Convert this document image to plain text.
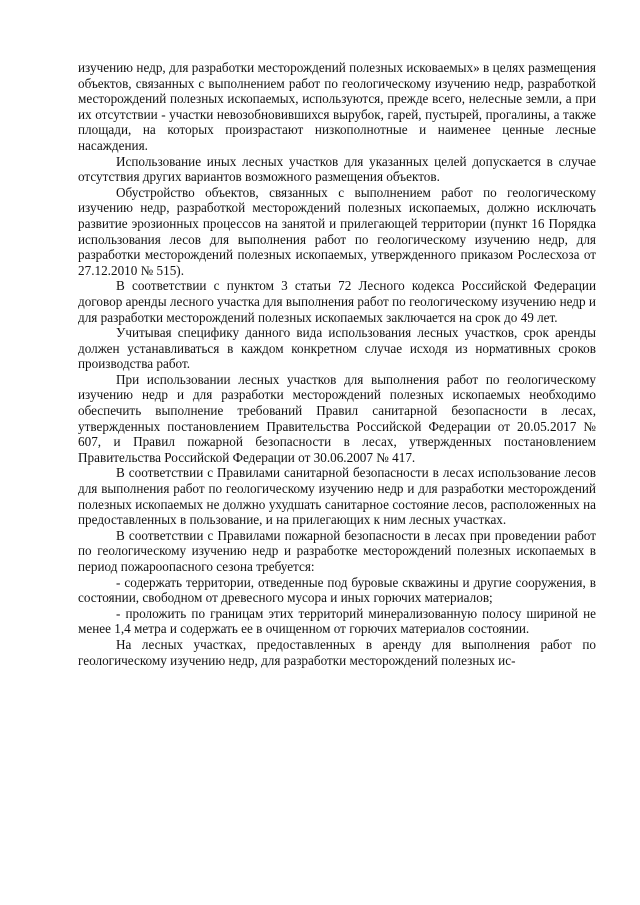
изучению недр, для разработки месторождений полезных исковаемых» в целях размещения объектов, связанных с выполнением работ по геологическому изучению недр, разработкой месторождений полезных ископаемых, используются, прежде всего, нелесные земли, а при их отсутствии - участки невозобновившихся вырубок, гарей, пустырей, прогалины, а также площади, на которых произрастают низкополнотные и наименее ценные лесные насаждения.

Использование иных лесных участков для указанных целей допускается в случае отсутствия других вариантов возможного размещения объектов.

Обустройство объектов, связанных с выполнением работ по геологическому изучению недр, разработкой месторождений полезных ископаемых, должно исключать развитие эрозионных процессов на занятой и прилегающей территории (пункт 16 Порядка использования лесов для выполнения работ по геологическому изучению недр, для разработки месторождений полезных ископаемых, утвержденного приказом Рослесхоза от 27.12.2010 № 515).

В соответствии с пунктом 3 статьи 72 Лесного кодекса Российской Федерации договор аренды лесного участка для выполнения работ по геологическому изучению недр и для разработки месторождений полезных ископаемых заключается на срок до 49 лет.

Учитывая специфику данного вида использования лесных участков, срок аренды должен устанавливаться в каждом конкретном случае исходя из нормативных сроков производства работ.

При использовании лесных участков для выполнения работ по геологическому изучению недр и для разработки месторождений полезных ископаемых необходимо обеспечить выполнение требований Правил санитарной безопасности в лесах, утвержденных постановлением Правительства Российской Федерации от 20.05.2017 № 607, и Правил пожарной безопасности в лесах, утвержденных постановлением Правительства Российской Федерации от 30.06.2007 № 417.

В соответствии с Правилами санитарной безопасности в лесах использование лесов для выполнения работ по геологическому изучению недр и для разработки месторождений полезных ископаемых не должно ухудшать санитарное состояние лесов, расположенных на предоставленных в пользование, и на прилегающих к ним лесных участках.

В соответствии с Правилами пожарной безопасности в лесах при проведении работ по геологическому изучению недр и разработке месторождений полезных ископаемых в период пожароопасного сезона требуется:

- содержать территории, отведенные под буровые скважины и другие сооружения, в состоянии, свободном от древесного мусора и иных горючих материалов;

- проложить по границам этих территорий минерализованную полосу шириной не менее 1,4 метра и содержать ее в очищенном от горючих материалов состоянии.

На лесных участках, предоставленных в аренду для выполнения работ по геологическому изучению недр, для разработки месторождений полезных ис-
